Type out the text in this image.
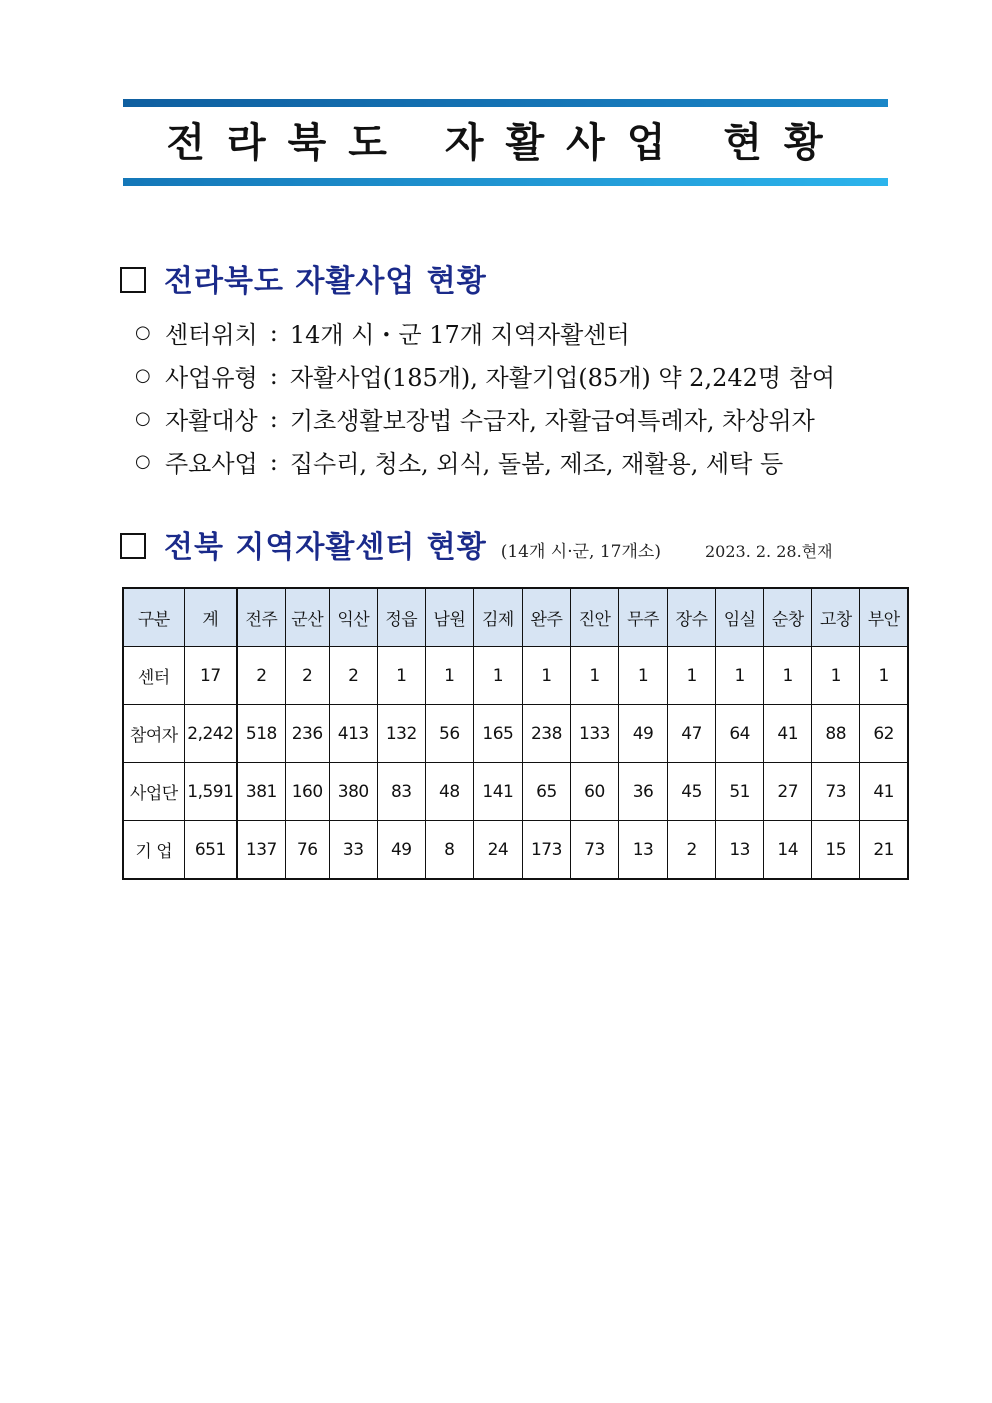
전라북도 자활사업 현황
전라북도 자활사업 현황
○ 센터위치 : 14개 시・군 17개 지역자활센터
○ 사업유형 : 자활사업(185개), 자활기업(85개) 약 2,242명 참여
○ 자활대상 : 기초생활보장법 수급자, 자활급여특례자, 차상위자
○ 주요사업 : 집수리, 청소, 외식, 돌봄, 제조, 재활용, 세탁 등
전북 지역자활센터 현황 (14개 시·군, 17개소)	2023. 2. 28.현재
구분	계	전주	군산	익산	정읍	남원	김제	완주	진안	무주	장수	임실	순창	고창	부안
센터	17	2	2	2	1	1	1	1	1	1	1	1	1	1	1
참여자	2,242	518	236	413	132	56	165	238	133	49	47	64	41	88	62
사업단	1,591	381	160	380	83	48	141	65	60	36	45	51	27	73	41
기 업	651	137	76	33	49	8	24	173	73	13	2	13	14	15	21
